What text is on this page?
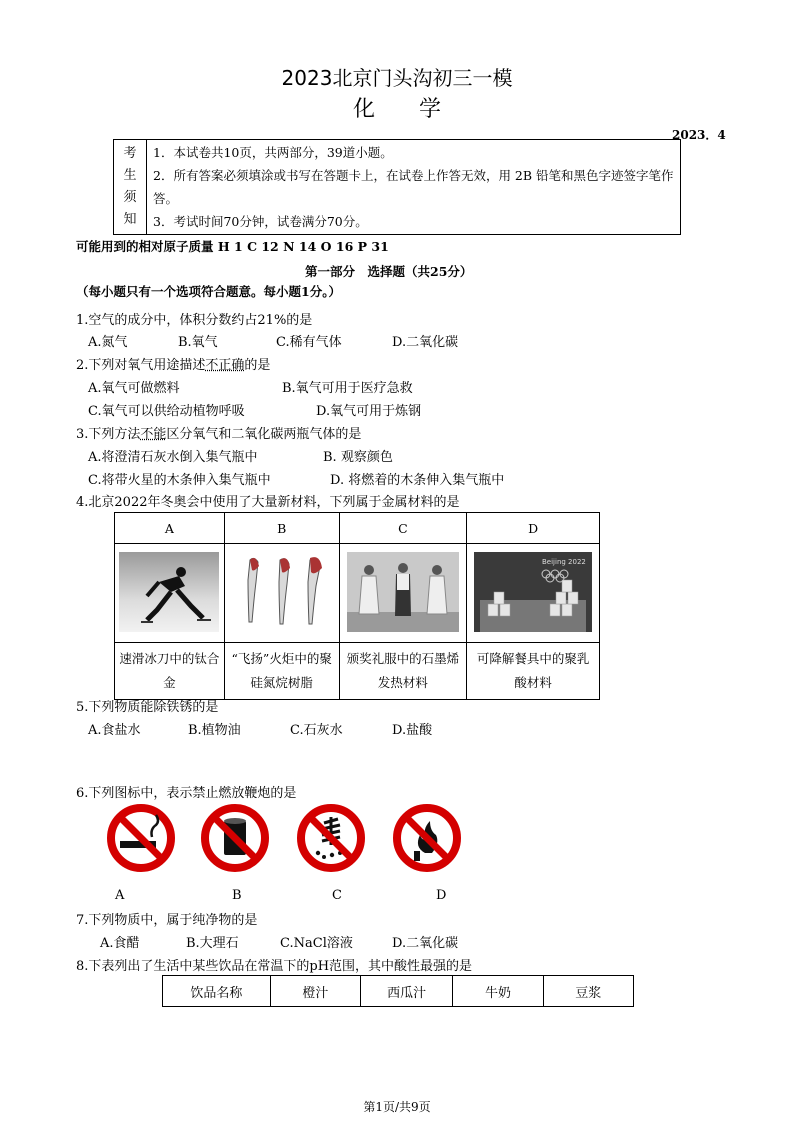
2023北京门头沟初三一模
化　　学
2023．4
考
生
须
知

1．本试卷共10页，共两部分，39道小题。
2．所有答案必须填涂或书写在答题卡上，在试卷上作答无效，用 2B 铅笔和黑色字迹签字笔作答。
3．考试时间70分钟，试卷满分70分。
可能用到的相对原子质量 H 1 C 12 N 14 O 16 P 31
第一部分　选择题（共25分）
（每小题只有一个选项符合题意。每小题1分。）
1.空气的成分中，体积分数约占21%的是
A.氮气	B.氧气	C.稀有气体	D.二氧化碳
2.下列对氧气用途描述不正确的是
A.氧气可做燃料	B.氧气可用于医疗急救
C.氧气可以供给动植物呼吸	D.氧气可用于炼钢
3.下列方法不能区分氧气和二氧化碳两瓶气体的是
A.将澄清石灰水倒入集气瓶中	B. 观察颜色
C.将带火星的木条伸入集气瓶中	D. 将燃着的木条伸入集气瓶中
4.北京2022年冬奥会中使用了大量新材料，下列属于金属材料的是
A	B	C	D

Beijing 2022

速滑冰刀中的钛合金	“飞扬”火炬中的聚硅氮烷树脂	颁奖礼服中的石墨烯发热材料	可降解餐具中的聚乳酸材料
5.下列物质能除铁锈的是
A.食盐水	B.植物油	C.石灰水	D.盐酸
6.下列图标中，表示禁止燃放鞭炮的是
A	B	C	D
7.下列物质中，属于纯净物的是
A.食醋	B.大理石	C.NaCl溶液	D.二氧化碳
8.下表列出了生活中某些饮品在常温下的pH范围，其中酸性最强的是
饮品名称	橙汁	西瓜汁	牛奶	豆浆
第1页/共9页
